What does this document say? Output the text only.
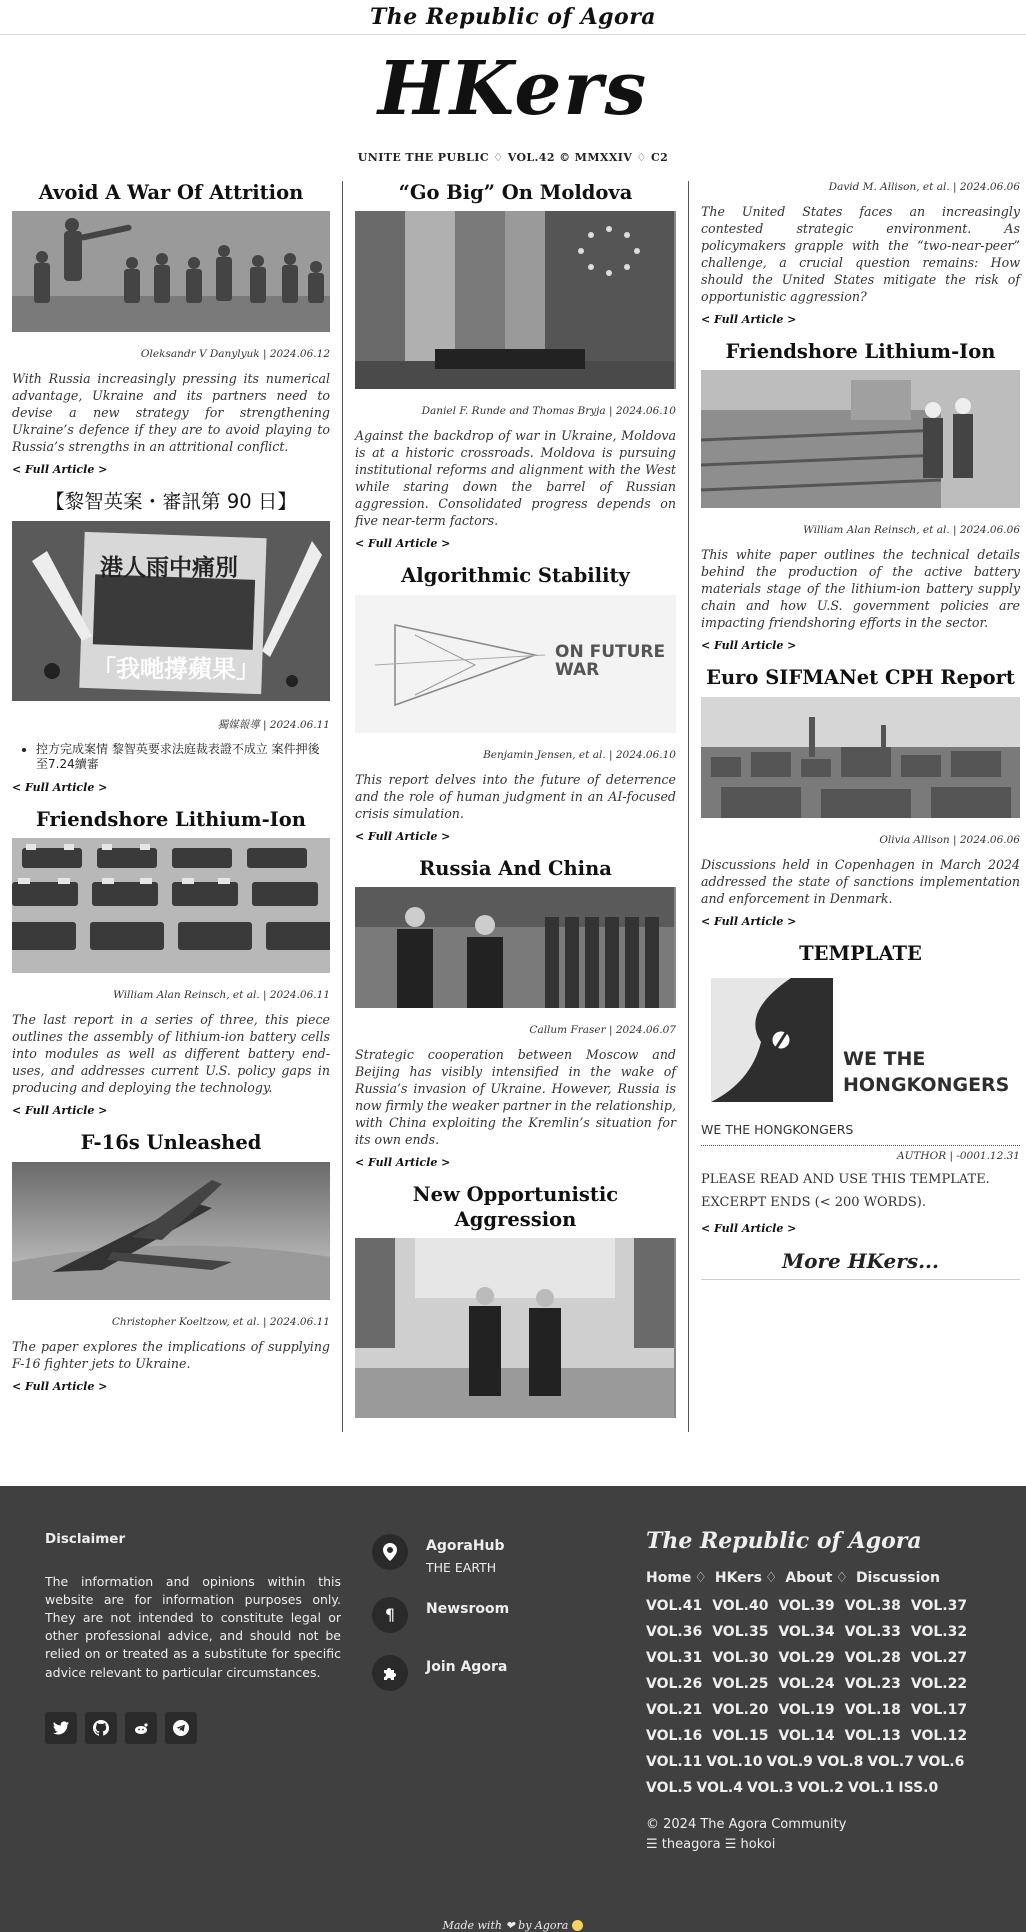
The Republic of Agora
HKers
UNITE THE PUBLIC ♢ VOL.42 © MMXXIV ♢ C2
Avoid A War Of Attrition
Oleksandr V Danylyuk | 2024.06.12

With Russia increasingly pressing its numerical advantage, Ukraine and its partners need to devise a new strategy for strengthening Ukraine’s defence if they are to avoid playing to Russia’s strengths in an attritional conflict.

< Full Article >
【黎智英案・審訊第 90 日】
港人雨中痛別
「我哋撐蘋果」
獨媒報導 | 2024.06.11
• 控方完成案情 黎智英要求法庭裁表證不成立 案件押後至7.24續審
< Full Article >
Friendshore Lithium-Ion
William Alan Reinsch, et al. | 2024.06.11

The last report in a series of three, this piece outlines the assembly of lithium-ion battery cells into modules as well as different battery end-uses, and addresses current U.S. policy gaps in producing and deploying the technology.

< Full Article >
F-16s Unleashed
Christopher Koeltzow, et al. | 2024.06.11

The paper explores the implications of supplying F-16 fighter jets to Ukraine.

< Full Article >
“Go Big” On Moldova
Daniel F. Runde and Thomas Bryja | 2024.06.10

Against the backdrop of war in Ukraine, Moldova is at a historic crossroads. Moldova is pursuing institutional reforms and alignment with the West while staring down the barrel of Russian aggression. Consolidated progress depends on five near-term factors.

< Full Article >
Algorithmic Stability
ON FUTURE
WAR
Benjamin Jensen, et al. | 2024.06.10

This report delves into the future of deterrence and the role of human judgment in an AI-focused crisis simulation.

< Full Article >
Russia And China
Callum Fraser | 2024.06.07

Strategic cooperation between Moscow and Beijing has visibly intensified in the wake of Russia’s invasion of Ukraine. However, Russia is now firmly the weaker partner in the relationship, with China exploiting the Kremlin’s situation for its own ends.

< Full Article >
New Opportunistic Aggression
David M. Allison, et al. | 2024.06.06

The United States faces an increasingly contested strategic environment. As policymakers grapple with the “two-near-peer” challenge, a crucial question remains: How should the United States mitigate the risk of opportunistic aggression?

< Full Article >
Friendshore Lithium-Ion
William Alan Reinsch, et al. | 2024.06.06

This white paper outlines the technical details behind the production of the active battery materials stage of the lithium-ion battery supply chain and how U.S. government policies are impacting friendshoring efforts in the sector.

< Full Article >
Euro SIFMANet CPH Report
Olivia Allison | 2024.06.06

Discussions held in Copenhagen in March 2024 addressed the state of sanctions implementation and enforcement in Denmark.

< Full Article >
TEMPLATE
WE THE
HONGKONGERS
WE THE HONGKONGERS
AUTHOR | -0001.12.31
PLEASE READ AND USE THIS TEMPLATE.
EXCERPT ENDS (< 200 WORDS).
< Full Article >
More HKers...
Disclaimer

The information and opinions within this website are for information purposes only. They are not intended to constitute legal or other professional advice, and should not be relied on or treated as a substitute for specific advice relevant to particular circumstances.

AgoraHub
THE EARTH
¶	Newsroom
Join Agora
The Republic of Agora
Home ♢ HKers ♢ About ♢ Discussion
VOL.41 VOL.40 VOL.39 VOL.38 VOL.37
VOL.36 VOL.35 VOL.34 VOL.33 VOL.32
VOL.31 VOL.30 VOL.29 VOL.28 VOL.27
VOL.26 VOL.25 VOL.24 VOL.23 VOL.22
VOL.21 VOL.20 VOL.19 VOL.18 VOL.17
VOL.16 VOL.15 VOL.14 VOL.13 VOL.12
VOL.11 VOL.10 VOL.9 VOL.8 VOL.7 VOL.6
VOL.5 VOL.4 VOL.3 VOL.2 VOL.1 ISS.0
© 2024 The Agora Community
☰ theagora ☰ hokoi
Made with ❤ by Agora
